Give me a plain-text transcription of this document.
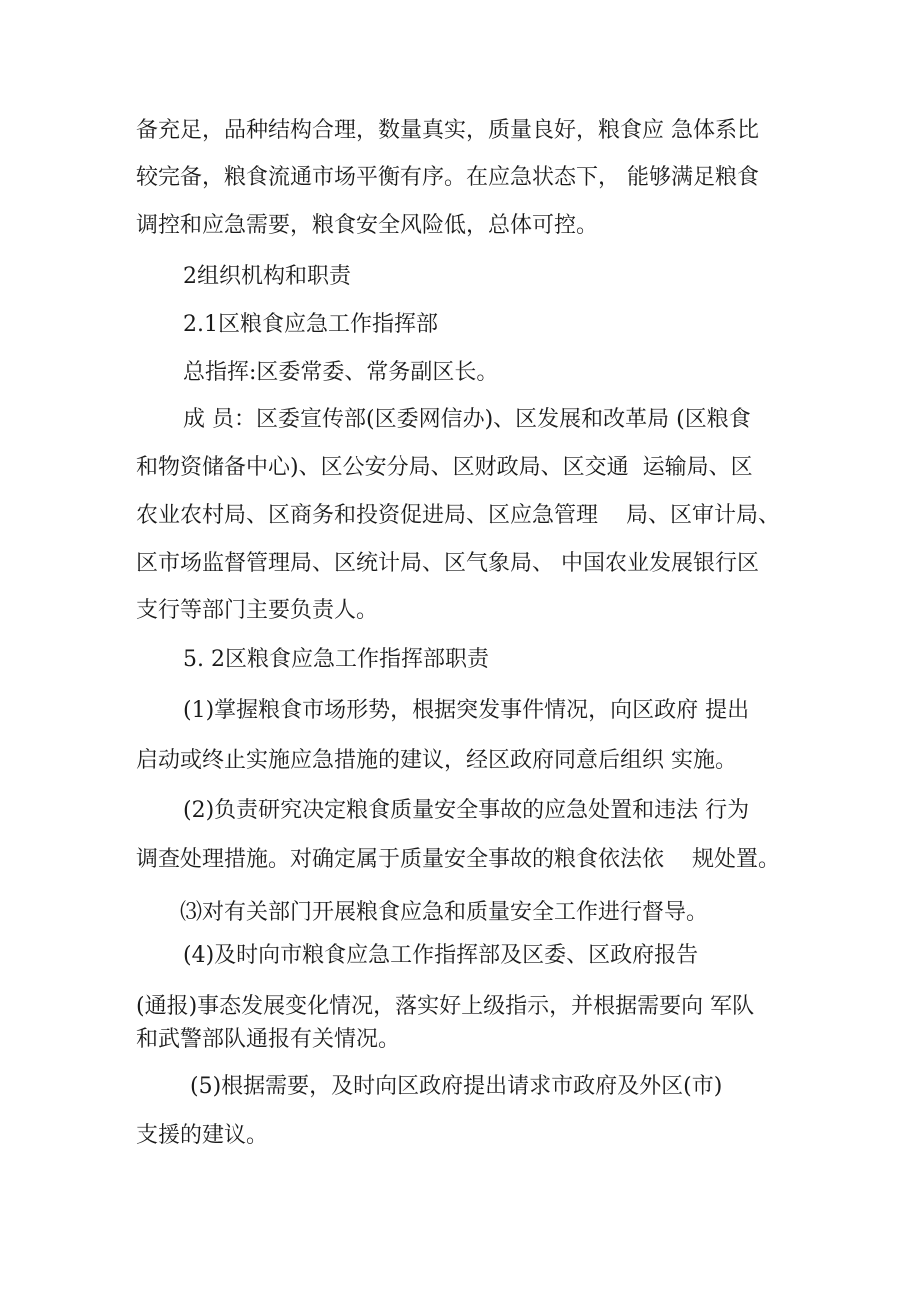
备充足，品种结构合理，数量真实，质量良好，粮食应 急体系比

较完备，粮食流通市场平衡有序。在应急状态下， 能够满足粮食

调控和应急需要，粮食安全风险低，总体可控。

2组织机构和职责

2.1区粮食应急工作指挥部

总指挥:区委常委、常务副区长。

成 员：区委宣传部(区委网信办)、区发展和改革局 (区粮食

和物资储备中心)、区公安分局、区财政局、区交通  运输局、区

农业农村局、区商务和投资促进局、区应急管理    局、区审计局、

区市场监督管理局、区统计局、区气象局、 中国农业发展银行区

支行等部门主要负责人。

5. 2区粮食应急工作指挥部职责

(1)掌握粮食市场形势，根据突发事件情况，向区政府 提出

启动或终止实施应急措施的建议，经区政府同意后组织 实施。

(2)负责研究决定粮食质量安全事故的应急处置和违法 行为

调查处理措施。对确定属于质量安全事故的粮食依法依    规处置。

⑶对有关部门开展粮食应急和质量安全工作进行督导。

(4)及时向市粮食应急工作指挥部及区委、区政府报告

(通报)事态发展变化情况，落实好上级指示，并根据需要向 军队

和武警部队通报有关情况。

(5)根据需要，及时向区政府提出请求市政府及外区(市)

支援的建议。
